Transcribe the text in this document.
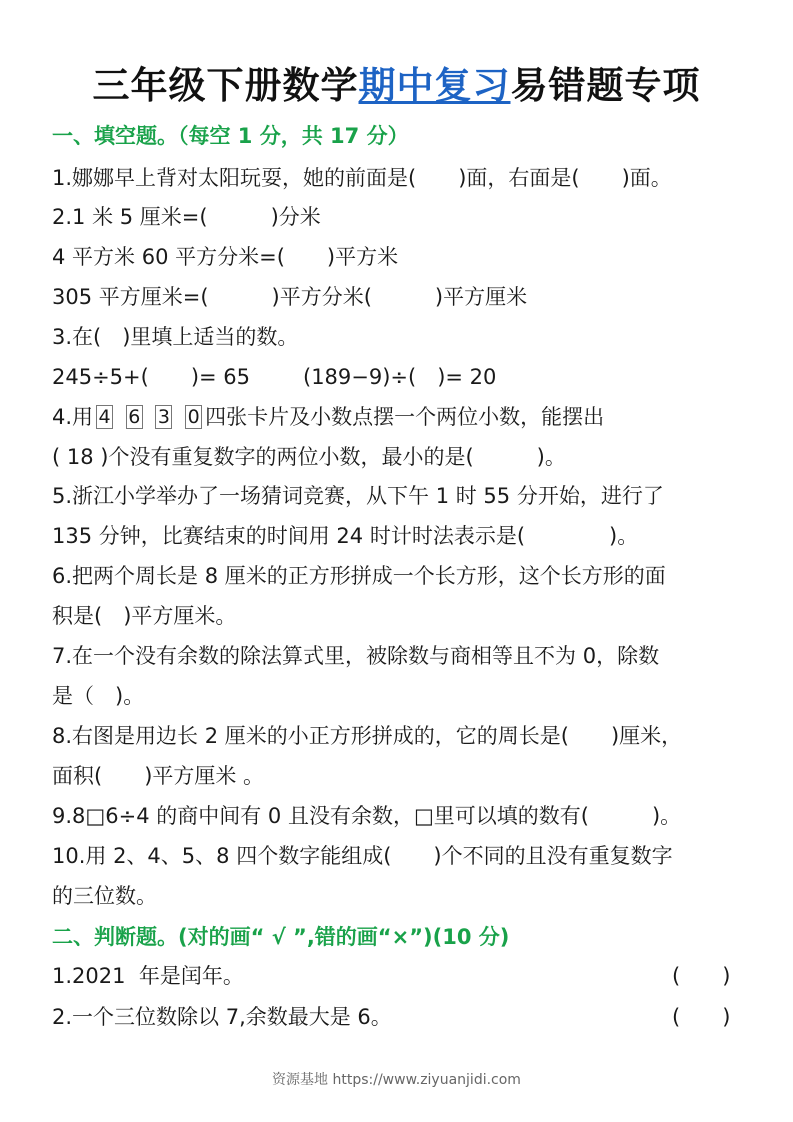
三年级下册数学期中复习易错题专项
一、填空题。（每空 1 分，共 17 分）
1.娜娜早上背对太阳玩耍，她的前面是(　　)面，右面是(　　)面。
2.1 米 5 厘米=(　　　)分米
4 平方米 60 平方分米=(　　)平方米
305 平方厘米=(　　　)平方分米(　　　)平方厘米
3.在(　)里填上适当的数。
245÷5+(　　)= 65	(189−9)÷(　)= 20
4.用 4 6 3 0 四张卡片及小数点摆一个两位小数，能摆出
( 18 )个没有重复数字的两位小数，最小的是(　　　)。
5.浙江小学举办了一场猜词竞赛，从下午 1 时 55 分开始，进行了
135 分钟，比赛结束的时间用 24 时计时法表示是(　　　　)。
6.把两个周长是 8 厘米的正方形拼成一个长方形，这个长方形的面
积是(　)平方厘米。
7.在一个没有余数的除法算式里，被除数与商相等且不为 0，除数
是（　)。
8.右图是用边长 2 厘米的小正方形拼成的，它的周长是(　　)厘米，
面积(　　)平方厘米 。
9.8□6÷4 的商中间有 0 且没有余数，□里可以填的数有(　　　)。
10.用 2、4、5、8 四个数字能组成(　　)个不同的且没有重复数字
的三位数。
二、判断题。(对的画“ √ ”,错的画“×”)(10 分)
1.2021  年是闰年。	(　　)
2.一个三位数除以 7,余数最大是 6。	(　　)
资源基地 https://www.ziyuanjidi.com
